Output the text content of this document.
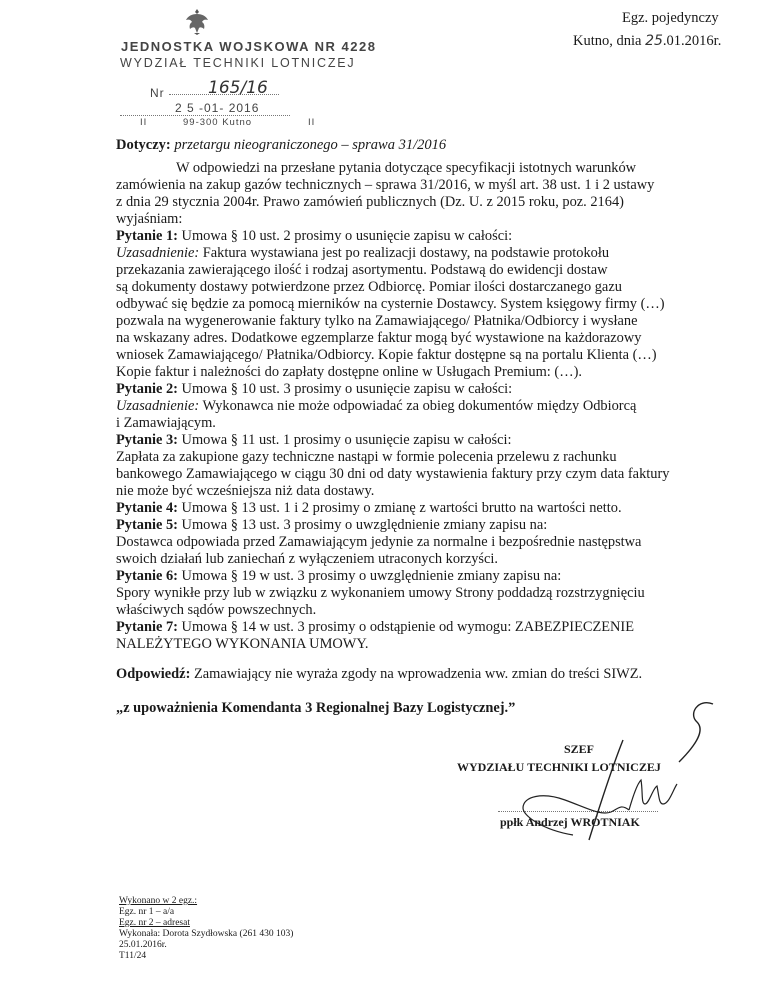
JEDNOSTKA WOJSKOWA NR 4228
WYDZIAŁ TECHNIKI LOTNICZEJ
Nr	165/16
2 5 -01- 2016
II	99-300 Kutno	II
Egz. pojedynczy
Kutno, dnia 25.01.2016r.
Dotyczy: przetargu nieograniczonego – sprawa 31/2016
W odpowiedzi na przesłane pytania dotyczące specyfikacji istotnych warunków
zamówienia na zakup gazów technicznych – sprawa 31/2016, w myśl art. 38 ust. 1 i 2 ustawy
z dnia 29 stycznia 2004r. Prawo zamówień publicznych (Dz. U. z 2015 roku, poz. 2164)
wyjaśniam:
Pytanie 1: Umowa § 10 ust. 2 prosimy o usunięcie zapisu w całości:
Uzasadnienie: Faktura wystawiana jest po realizacji dostawy, na podstawie protokołu
przekazania zawierającego ilość i rodzaj asortymentu. Podstawą do ewidencji dostaw
są dokumenty dostawy potwierdzone przez Odbiorcę. Pomiar ilości dostarczanego gazu
odbywać się będzie za pomocą mierników na cysternie Dostawcy. System księgowy firmy (…)
pozwala na wygenerowanie faktury tylko na Zamawiającego/ Płatnika/Odbiorcy i wysłane
na wskazany adres. Dodatkowe egzemplarze faktur mogą być wystawione na każdorazowy
wniosek Zamawiającego/ Płatnika/Odbiorcy. Kopie faktur dostępne są na portalu Klienta (…)
Kopie faktur i należności do zapłaty dostępne online w Usługach Premium: (…).
Pytanie 2: Umowa § 10 ust. 3 prosimy o usunięcie zapisu w całości:
Uzasadnienie: Wykonawca nie może odpowiadać za obieg dokumentów między Odbiorcą
i Zamawiającym.
Pytanie 3: Umowa § 11 ust. 1 prosimy o usunięcie zapisu w całości:
Zapłata za zakupione gazy techniczne nastąpi w formie polecenia przelewu z rachunku
bankowego Zamawiającego w ciągu 30 dni od daty wystawienia faktury przy czym data faktury
nie może być wcześniejsza niż data dostawy.
Pytanie 4: Umowa § 13 ust. 1 i 2 prosimy o zmianę z wartości brutto na wartości netto.
Pytanie 5: Umowa § 13 ust. 3 prosimy o uwzględnienie zmiany zapisu na:
Dostawca odpowiada przed Zamawiającym jedynie za normalne i bezpośrednie następstwa
swoich działań lub zaniechań z wyłączeniem utraconych korzyści.
Pytanie 6: Umowa § 19 w ust. 3 prosimy o uwzględnienie zmiany zapisu na:
Spory wynikłe przy lub w związku z wykonaniem umowy Strony poddadzą rozstrzygnięciu
właściwych sądów powszechnych.
Pytanie 7: Umowa § 14 w ust. 3 prosimy o odstąpienie od wymogu: ZABEZPIECZENIE
NALEŻYTEGO WYKONANIA UMOWY.
Odpowiedź: Zamawiający nie wyraża zgody na wprowadzenia ww. zmian do treści SIWZ.
„z upoważnienia Komendanta 3 Regionalnej Bazy Logistycznej.”
SZEF
WYDZIAŁU TECHNIKI LOTNICZEJ
ppłk Andrzej WRÓTNIAK
Wykonano w 2 egz.:
Egz. nr 1 – a/a
Egz. nr 2 – adresat
Wykonała: Dorota Szydłowska (261 430 103)
25.01.2016r.
T11/24
